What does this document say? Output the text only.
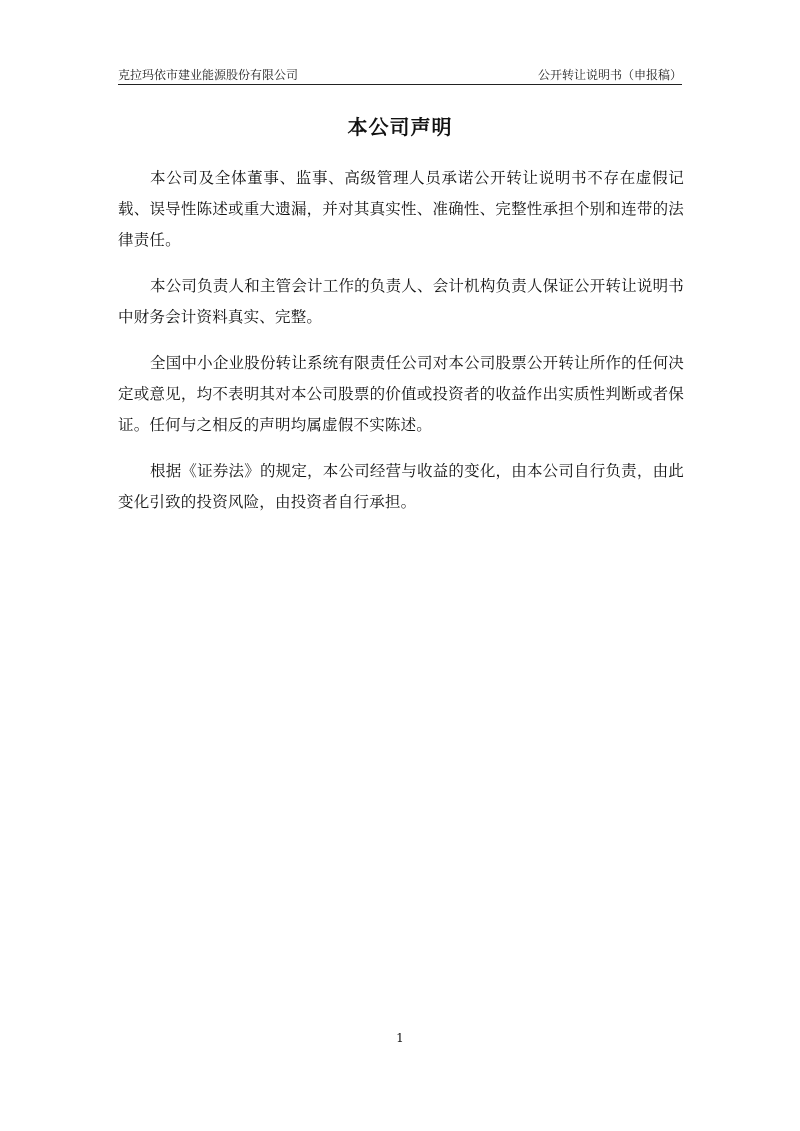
克拉玛依市建业能源股份有限公司	公开转让说明书（申报稿）
本公司声明

本公司及全体董事、监事、高级管理人员承诺公开转让说明书不存在虚假记载、误导性陈述或重大遗漏，并对其真实性、准确性、完整性承担个别和连带的法律责任。

本公司负责人和主管会计工作的负责人、会计机构负责人保证公开转让说明书中财务会计资料真实、完整。

全国中小企业股份转让系统有限责任公司对本公司股票公开转让所作的任何决定或意见，均不表明其对本公司股票的价值或投资者的收益作出实质性判断或者保证。任何与之相反的声明均属虚假不实陈述。

根据《证券法》的规定，本公司经营与收益的变化，由本公司自行负责，由此变化引致的投资风险，由投资者自行承担。

1
